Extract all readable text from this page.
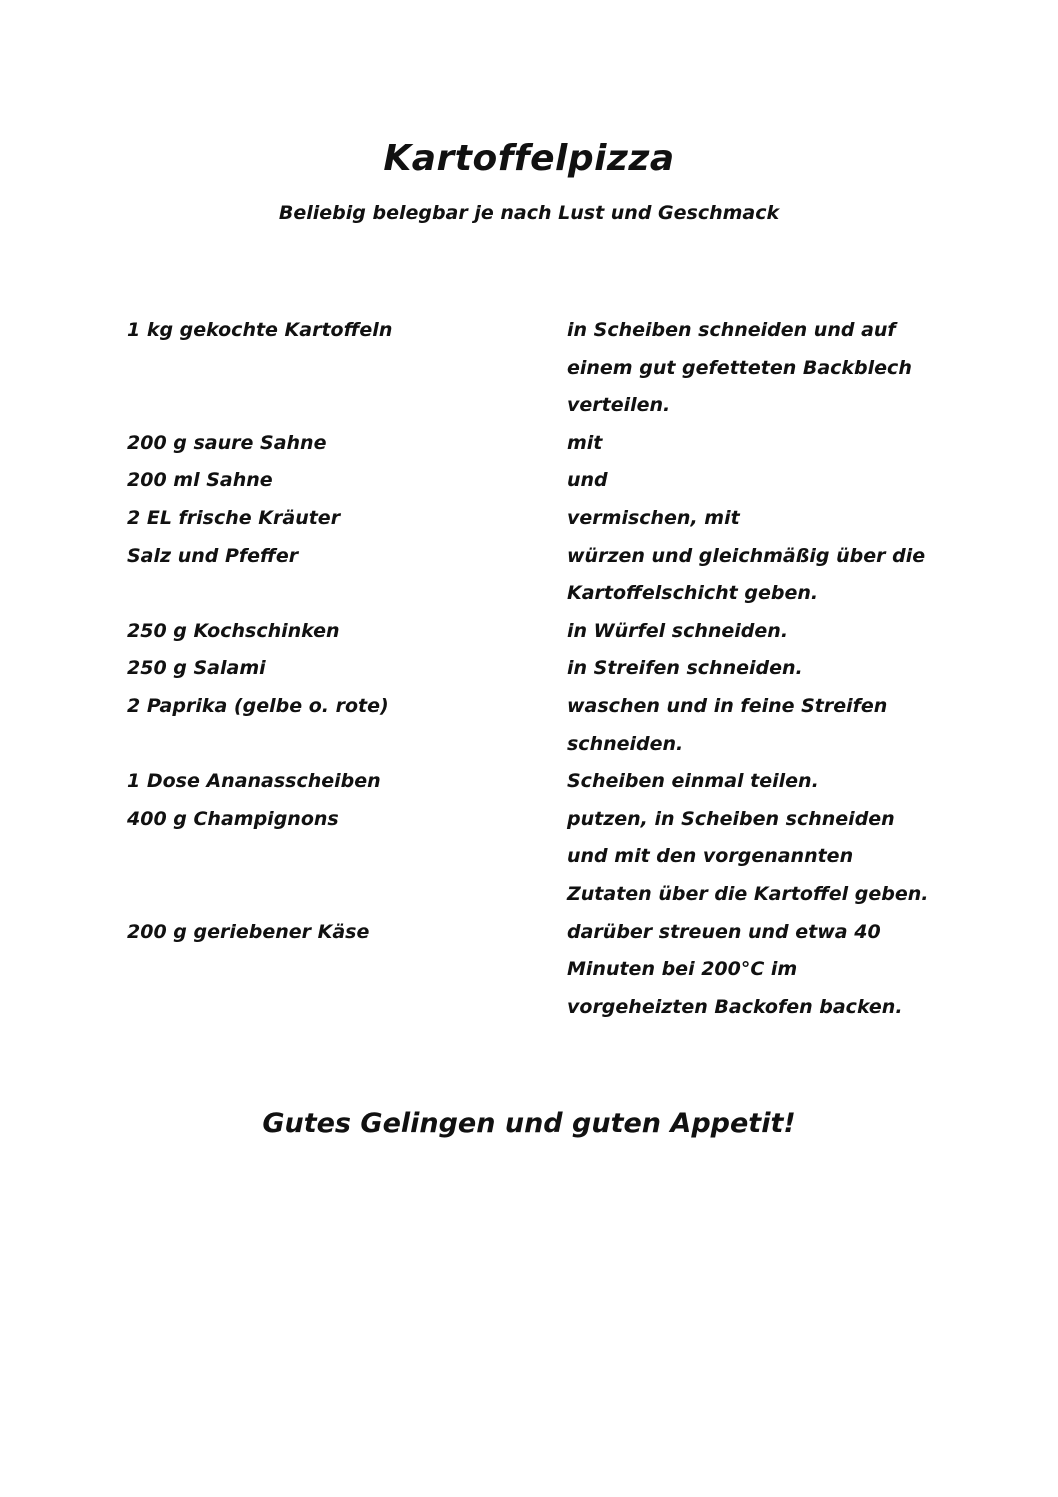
Kartoffelpizza
Beliebig belegbar je nach Lust und Geschmack
1 kg gekochte Kartoffeln	in Scheiben schneiden und auf
einem gut gefetteten Backblech
verteilen.
200 g saure Sahne	mit
200 ml Sahne	und
2 EL frische Kräuter	vermischen, mit
Salz und Pfeffer	würzen und gleichmäßig über die
Kartoffelschicht geben.
250 g Kochschinken	in Würfel schneiden.
250 g Salami	in Streifen schneiden.
2 Paprika (gelbe o. rote)	waschen und in feine Streifen
schneiden.
1 Dose Ananasscheiben	Scheiben einmal teilen.
400 g Champignons	putzen, in Scheiben schneiden
und mit den vorgenannten
Zutaten über die Kartoffel geben.
200 g geriebener Käse	darüber streuen und etwa 40
Minuten bei 200°C im
vorgeheizten Backofen backen.
Gutes Gelingen und guten Appetit!
